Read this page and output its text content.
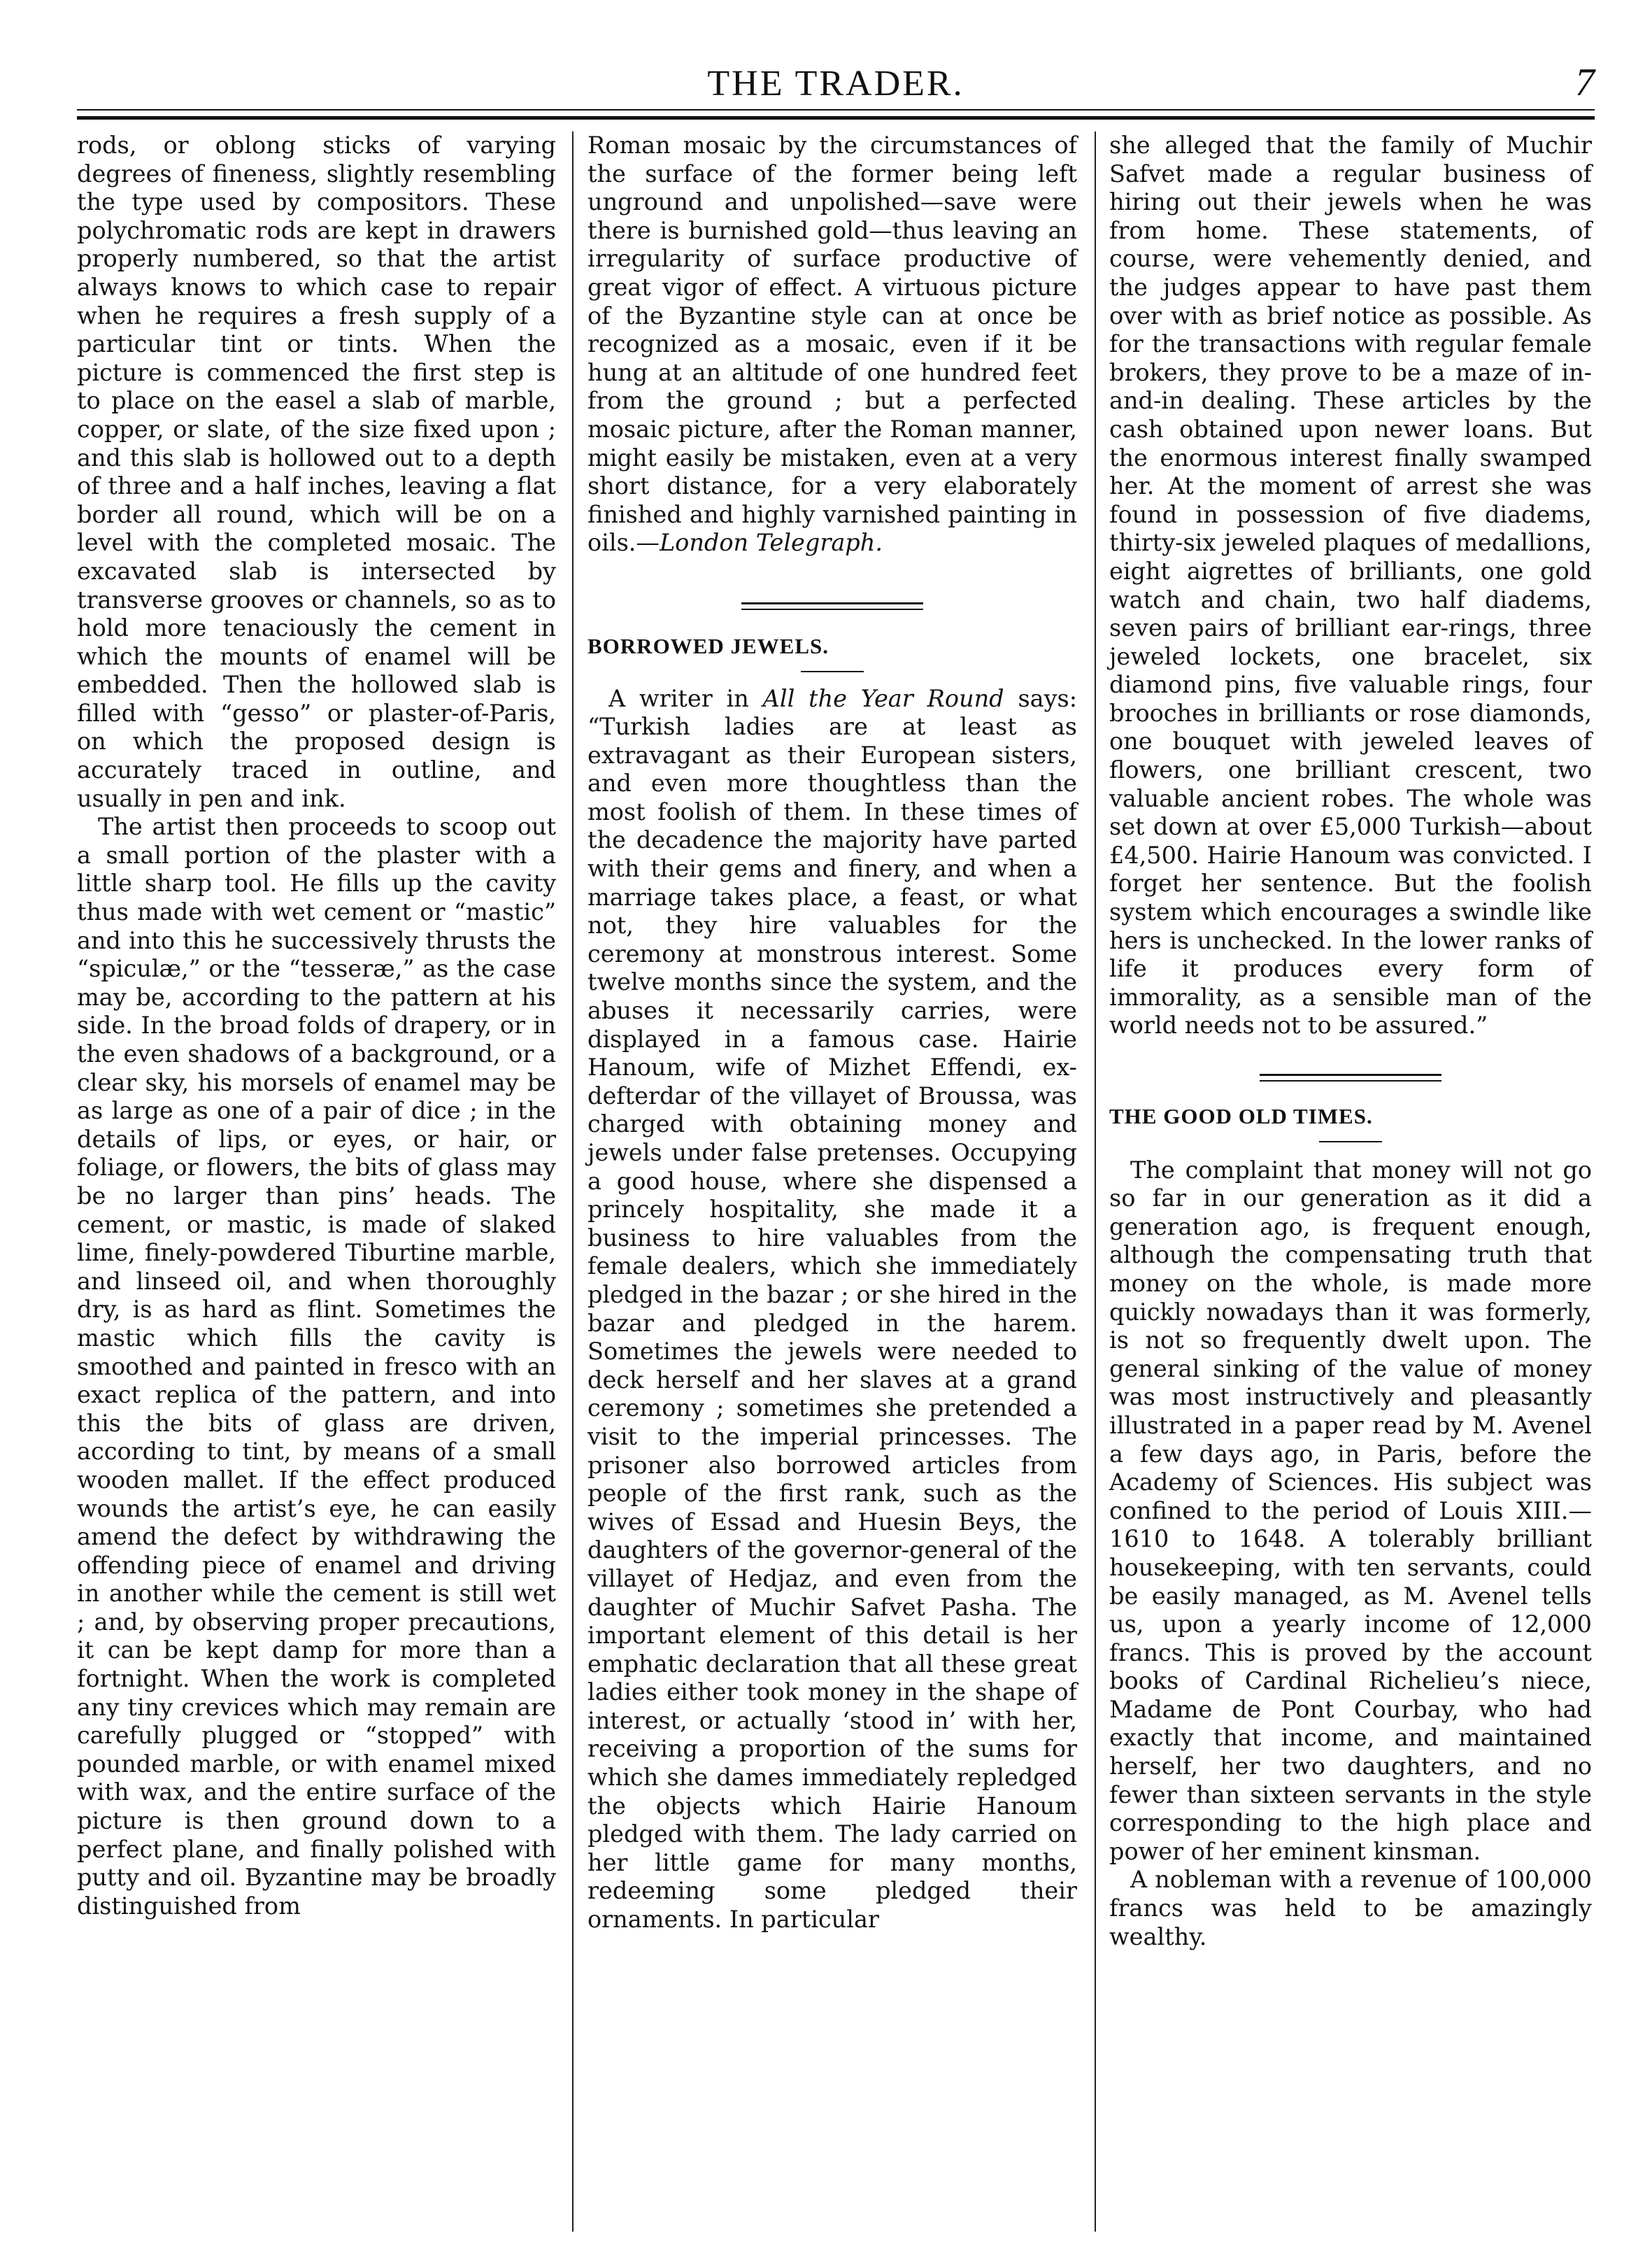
THE TRADER.	7

rods, or oblong sticks of varying degrees of fineness, slightly resembling the type used by compositors. These polychromatic rods are kept in drawers properly numbered, so that the artist always knows to which case to repair when he requires a fresh supply of a particular tint or tints. When the picture is commenced the first step is to place on the easel a slab of marble, copper, or slate, of the size fixed upon ; and this slab is hollowed out to a depth of three and a half inches, leaving a flat border all round, which will be on a level with the completed mosaic. The excavated slab is intersected by transverse grooves or channels, so as to hold more tenaciously the cement in which the mounts of enamel will be embedded. Then the hollowed slab is filled with “gesso” or plaster-of-Paris, on which the proposed design is accurately traced in outline, and usually in pen and ink.

The artist then proceeds to scoop out a small portion of the plaster with a little sharp tool. He fills up the cavity thus made with wet cement or “mastic” and into this he successively thrusts the “spiculæ,” or the “tesseræ,” as the case may be, according to the pattern at his side. In the broad folds of drapery, or in the even shadows of a background, or a clear sky, his morsels of enamel may be as large as one of a pair of dice ; in the details of lips, or eyes, or hair, or foliage, or flowers, the bits of glass may be no larger than pins’ heads. The cement, or mastic, is made of slaked lime, finely-powdered Tiburtine marble, and linseed oil, and when thoroughly dry, is as hard as flint. Sometimes the mastic which fills the cavity is smoothed and painted in fresco with an exact replica of the pattern, and into this the bits of glass are driven, according to tint, by means of a small wooden mallet. If the effect produced wounds the artist’s eye, he can easily amend the defect by withdrawing the offending piece of enamel and driving in another while the cement is still wet ; and, by observing proper precautions, it can be kept damp for more than a fortnight. When the work is completed any tiny crevices which may remain are carefully plugged or “stopped” with pounded marble, or with enamel mixed with wax, and the entire surface of the picture is then ground down to a perfect plane, and finally polished with putty and oil. Byzantine may be broadly distinguished from

Roman mosaic by the circumstances of the surface of the former being left unground and unpolished—save were there is burnished gold—thus leaving an irregularity of surface productive of great vigor of effect. A virtuous picture of the Byzantine style can at once be recognized as a mosaic, even if it be hung at an altitude of one hundred feet from the ground ; but a perfected mosaic picture, after the Roman manner, might easily be mistaken, even at a very short distance, for a very elaborately finished and highly varnished painting in oils.—London Telegraph.

BORROWED JEWELS.

A writer in All the Year Round says: “Turkish ladies are at least as extravagant as their European sisters, and even more thoughtless than the most foolish of them. In these times of the decadence the majority have parted with their gems and finery, and when a marriage takes place, a feast, or what not, they hire valuables for the ceremony at monstrous interest. Some twelve months since the system, and the abuses it necessarily carries, were displayed in a famous case. Hairie Hanoum, wife of Mizhet Effendi, ex-defterdar of the villayet of Broussa, was charged with obtaining money and jewels under false pretenses. Occupying a good house, where she dispensed a princely hospitality, she made it a business to hire valuables from the female dealers, which she immediately pledged in the bazar ; or she hired in the bazar and pledged in the harem. Sometimes the jewels were needed to deck herself and her slaves at a grand ceremony ; sometimes she pretended a visit to the imperial princesses. The prisoner also borrowed articles from people of the first rank, such as the wives of Essad and Huesin Beys, the daughters of the governor-general of the villayet of Hedjaz, and even from the daughter of Muchir Safvet Pasha. The important element of this detail is her emphatic declaration that all these great ladies either took money in the shape of interest, or actually ‘stood in’ with her, receiving a proportion of the sums for which she dames immediately repledged the objects which Hairie Hanoum pledged with them. The lady carried on her little game for many months, redeeming some pledged their ornaments. In particular

she alleged that the family of Muchir Safvet made a regular business of hiring out their jewels when he was from home. These statements, of course, were vehemently denied, and the judges appear to have past them over with as brief notice as possible. As for the transactions with regular female brokers, they prove to be a maze of in-and-in dealing. These articles by the cash obtained upon newer loans. But the enormous interest finally swamped her. At the moment of arrest she was found in possession of five diadems, thirty-six jeweled plaques of medallions, eight aigrettes of brilliants, one gold watch and chain, two half diadems, seven pairs of brilliant ear-rings, three jeweled lockets, one bracelet, six diamond pins, five valuable rings, four brooches in brilliants or rose diamonds, one bouquet with jeweled leaves of flowers, one brilliant crescent, two valuable ancient robes. The whole was set down at over £5,000 Turkish—about £4,500. Hairie Hanoum was convicted. I forget her sentence. But the foolish system which encourages a swindle like hers is unchecked. In the lower ranks of life it produces every form of immorality, as a sensible man of the world needs not to be assured.”

THE GOOD OLD TIMES.

The complaint that money will not go so far in our generation as it did a generation ago, is frequent enough, although the compensating truth that money on the whole, is made more quickly nowadays than it was formerly, is not so frequently dwelt upon. The general sinking of the value of money was most instructively and pleasantly illustrated in a paper read by M. Avenel a few days ago, in Paris, before the Academy of Sciences. His subject was confined to the period of Louis XIII.—1610 to 1648. A tolerably brilliant housekeeping, with ten servants, could be easily managed, as M. Avenel tells us, upon a yearly income of 12,000 francs. This is proved by the account books of Cardinal Richelieu’s niece, Madame de Pont Courbay, who had exactly that income, and maintained herself, her two daughters, and no fewer than sixteen servants in the style corresponding to the high place and power of her eminent kinsman.

A nobleman with a revenue of 100,000 francs was held to be amazingly wealthy.
